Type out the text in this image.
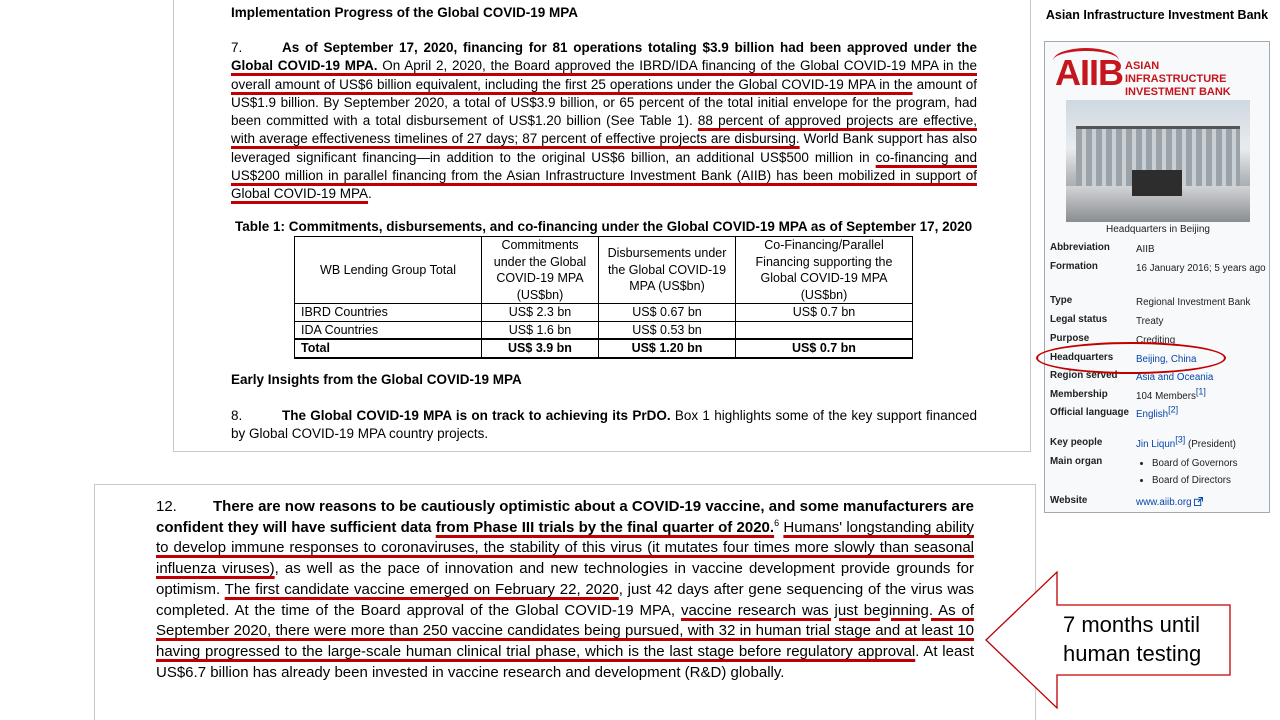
Implementation Progress of the Global COVID-19 MPA
7.	As of September 17, 2020, financing for 81 operations totaling $3.9 billion had been approved under the Global COVID-19 MPA. On April 2, 2020, the Board approved the IBRD/IDA financing of the Global COVID-19 MPA in the overall amount of US$6 billion equivalent, including the first 25 operations under the Global COVID-19 MPA in the amount of US$1.9 billion. By September 2020, a total of US$3.9 billion, or 65 percent of the total initial envelope for the program, had been committed with a total disbursement of US$1.20 billion (See Table 1). 88 percent of approved projects are effective, with average effectiveness timelines of 27 days; 87 percent of effective projects are disbursing. World Bank support has also leveraged significant financing—in addition to the original US$6 billion, an additional US$500 million in co-financing and US$200 million in parallel financing from the Asian Infrastructure Investment Bank (AIIB) has been mobilized in support of Global COVID-19 MPA.
Table 1: Commitments, disbursements, and co-financing under the Global COVID-19 MPA as of September 17, 2020
WB Lending Group Total	Commitments under the Global COVID-19 MPA (US$bn)	Disbursements under the Global COVID-19 MPA (US$bn)	Co-Financing/Parallel Financing supporting the Global COVID-19 MPA (US$bn)
IBRD Countries	US$ 2.3 bn	US$ 0.67 bn	US$ 0.7 bn
IDA Countries	US$ 1.6 bn	US$ 0.53 bn	
Total	US$ 3.9 bn	US$ 1.20 bn	US$ 0.7 bn
Early Insights from the Global COVID-19 MPA
8.	The Global COVID-19 MPA is on track to achieving its PrDO. Box 1 highlights some of the key support financed by Global COVID-19 MPA country projects.
12. There are now reasons to be cautiously optimistic about a COVID-19 vaccine, and some manufacturers are confident they will have sufficient data from Phase III trials by the final quarter of 2020.$^6$ Humans' longstanding ability to develop immune responses to coronaviruses, the stability of this virus (it mutates four times more slowly than seasonal influenza viruses), as well as the pace of innovation and new technologies in vaccine development provide grounds for optimism. The first candidate vaccine emerged on February 22, 2020, just 42 days after gene sequencing of the virus was completed. At the time of the Board approval of the Global COVID-19 MPA, vaccine research was just beginning. As of September 2020, there were more than 250 vaccine candidates being pursued, with 32 in human trial stage and at least 10 having progressed to the large-scale human clinical trial phase, which is the last stage before regulatory approval. At least US$6.7 billion has already been invested in vaccine research and development (R&D) globally.
Asian Infrastructure Investment Bank
AIIB ASIAN INFRASTRUCTURE INVESTMENT BANK
Headquarters in Beijing
Abbreviation	AIIB
Formation	16 January 2016; 5 years ago
Type	Regional Investment Bank
Legal status	Treaty
Purpose	Crediting
Headquarters	Beijing, China
Region served	Asia and Oceania
Membership	104 Members[1]
Official language English[2]
Key people	Jin Liqun[3] (President)
Main organ	• Board of Governors
• Board of Directors
Website	www.aiib.org
7 months until human testing
